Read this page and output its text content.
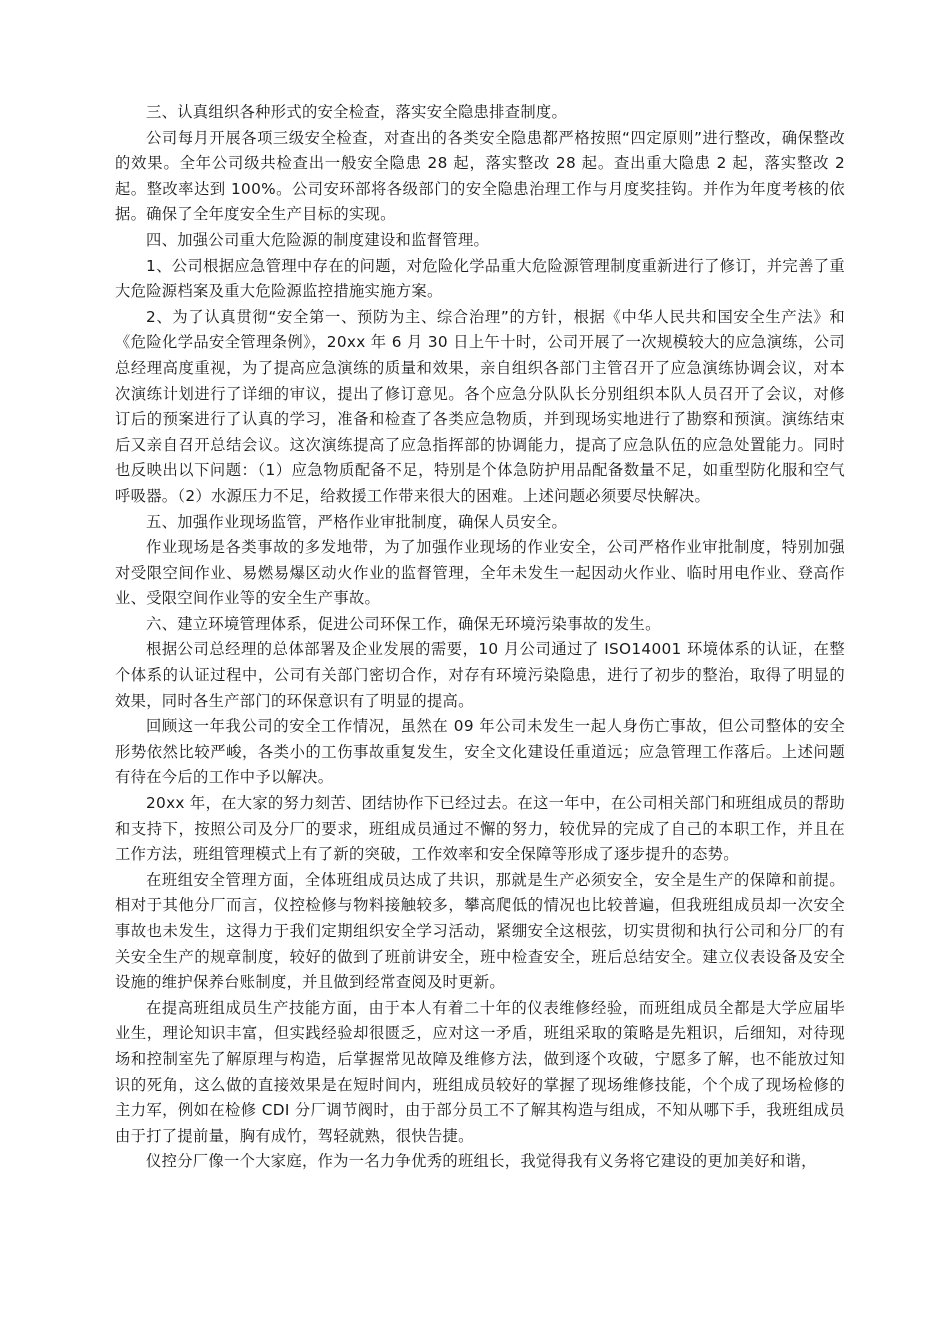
三、认真组织各种形式的安全检查，落实安全隐患排查制度。

公司每月开展各项三级安全检查，对查出的各类安全隐患都严格按照“四定原则”进行整改，确保整改的效果。全年公司级共检查出一般安全隐患 28 起，落实整改 28 起。查出重大隐患 2 起，落实整改 2 起。整改率达到 100%。公司安环部将各级部门的安全隐患治理工作与月度奖挂钩。并作为年度考核的依据。确保了全年度安全生产目标的实现。

四、加强公司重大危险源的制度建设和监督管理。

1、公司根据应急管理中存在的问题，对危险化学品重大危险源管理制度重新进行了修订，并完善了重大危险源档案及重大危险源监控措施实施方案。

2、为了认真贯彻“安全第一、预防为主、综合治理”的方针，根据《中华人民共和国安全生产法》和《危险化学品安全管理条例》，20xx 年 6 月 30 日上午十时，公司开展了一次规模较大的应急演练，公司总经理高度重视，为了提高应急演练的质量和效果，亲自组织各部门主管召开了应急演练协调会议，对本次演练计划进行了详细的审议，提出了修订意见。各个应急分队队长分别组织本队人员召开了会议，对修订后的预案进行了认真的学习，准备和检查了各类应急物质，并到现场实地进行了勘察和预演。演练结束后又亲自召开总结会议。这次演练提高了应急指挥部的协调能力，提高了应急队伍的应急处置能力。同时也反映出以下问题：（1）应急物质配备不足，特别是个体急防护用品配备数量不足，如重型防化服和空气呼吸器。（2）水源压力不足，给救援工作带来很大的困难。上述问题必须要尽快解决。

五、加强作业现场监管，严格作业审批制度，确保人员安全。

作业现场是各类事故的多发地带，为了加强作业现场的作业安全，公司严格作业审批制度，特别加强对受限空间作业、易燃易爆区动火作业的监督管理，全年未发生一起因动火作业、临时用电作业、登高作业、受限空间作业等的安全生产事故。

六、建立环境管理体系，促进公司环保工作，确保无环境污染事故的发生。

根据公司总经理的总体部署及企业发展的需要，10 月公司通过了 ISO14001 环境体系的认证，在整个体系的认证过程中，公司有关部门密切合作，对存有环境污染隐患，进行了初步的整治，取得了明显的效果，同时各生产部门的环保意识有了明显的提高。

回顾这一年我公司的安全工作情况，虽然在 09 年公司未发生一起人身伤亡事故，但公司整体的安全形势依然比较严峻，各类小的工伤事故重复发生，安全文化建设任重道远；应急管理工作落后。上述问题有待在今后的工作中予以解决。

20xx 年，在大家的努力刻苦、团结协作下已经过去。在这一年中，在公司相关部门和班组成员的帮助和支持下，按照公司及分厂的要求，班组成员通过不懈的努力，较优异的完成了自己的本职工作，并且在工作方法，班组管理模式上有了新的突破，工作效率和安全保障等形成了逐步提升的态势。

在班组安全管理方面，全体班组成员达成了共识，那就是生产必须安全，安全是生产的保障和前提。相对于其他分厂而言，仪控检修与物料接触较多，攀高爬低的情况也比较普遍，但我班组成员却一次安全事故也未发生，这得力于我们定期组织安全学习活动，紧绷安全这根弦，切实贯彻和执行公司和分厂的有关安全生产的规章制度，较好的做到了班前讲安全，班中检查安全，班后总结安全。建立仪表设备及安全设施的维护保养台账制度，并且做到经常查阅及时更新。

在提高班组成员生产技能方面，由于本人有着二十年的仪表维修经验，而班组成员全都是大学应届毕业生，理论知识丰富，但实践经验却很匮乏，应对这一矛盾，班组采取的策略是先粗识，后细知，对待现场和控制室先了解原理与构造，后掌握常见故障及维修方法，做到逐个攻破，宁愿多了解，也不能放过知识的死角，这么做的直接效果是在短时间内，班组成员较好的掌握了现场维修技能，个个成了现场检修的主力军，例如在检修 CDI 分厂调节阀时，由于部分员工不了解其构造与组成，不知从哪下手，我班组成员由于打了提前量，胸有成竹，驾轻就熟，很快告捷。

仪控分厂像一个大家庭，作为一名力争优秀的班组长，我觉得我有义务将它建设的更加美好和谐，
